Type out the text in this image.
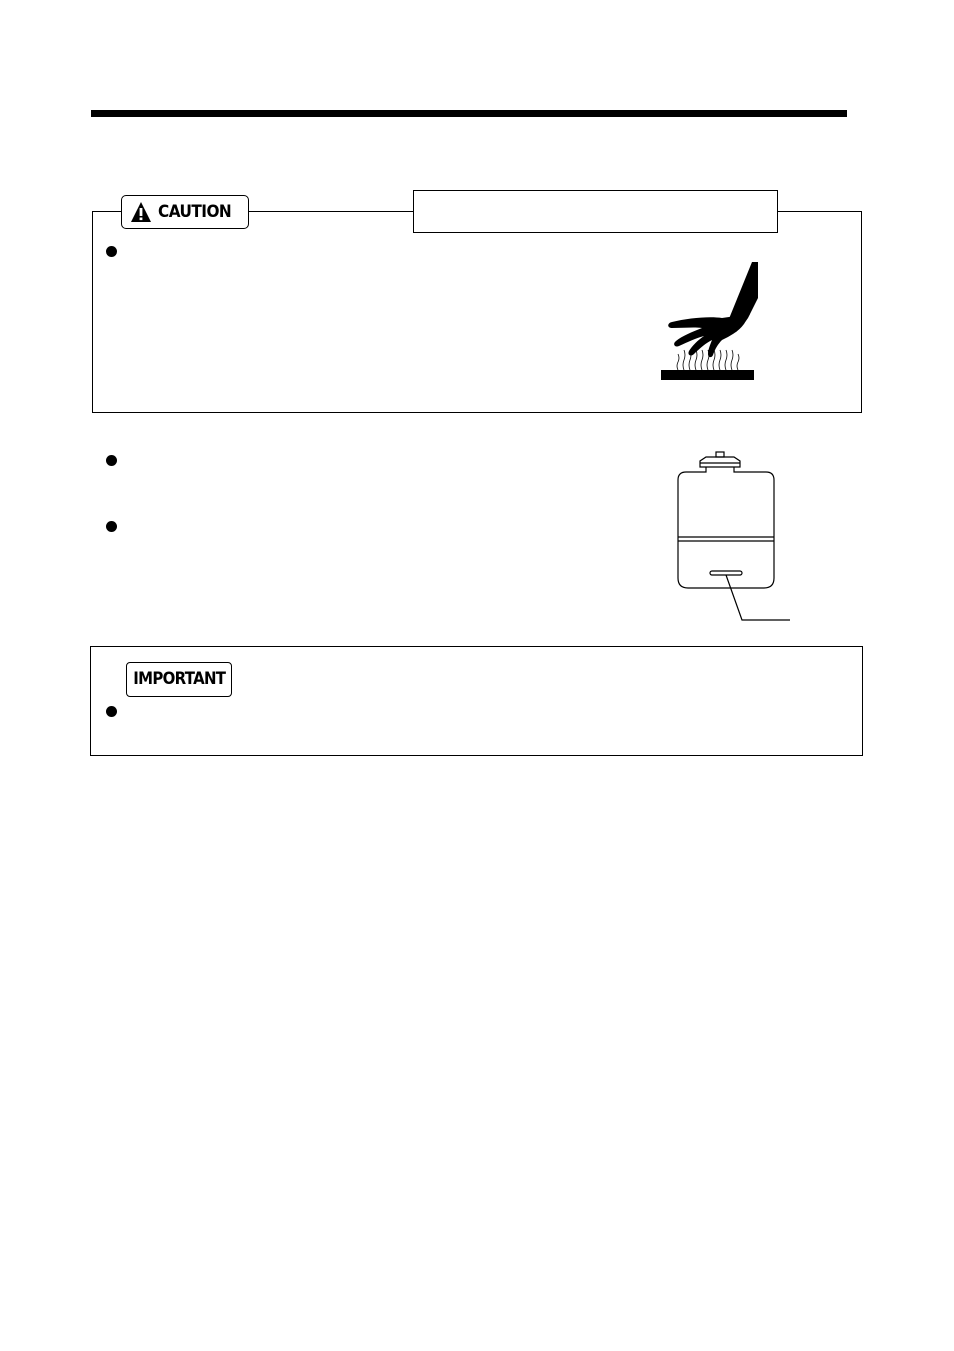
CAUTION
IMPORTANT
